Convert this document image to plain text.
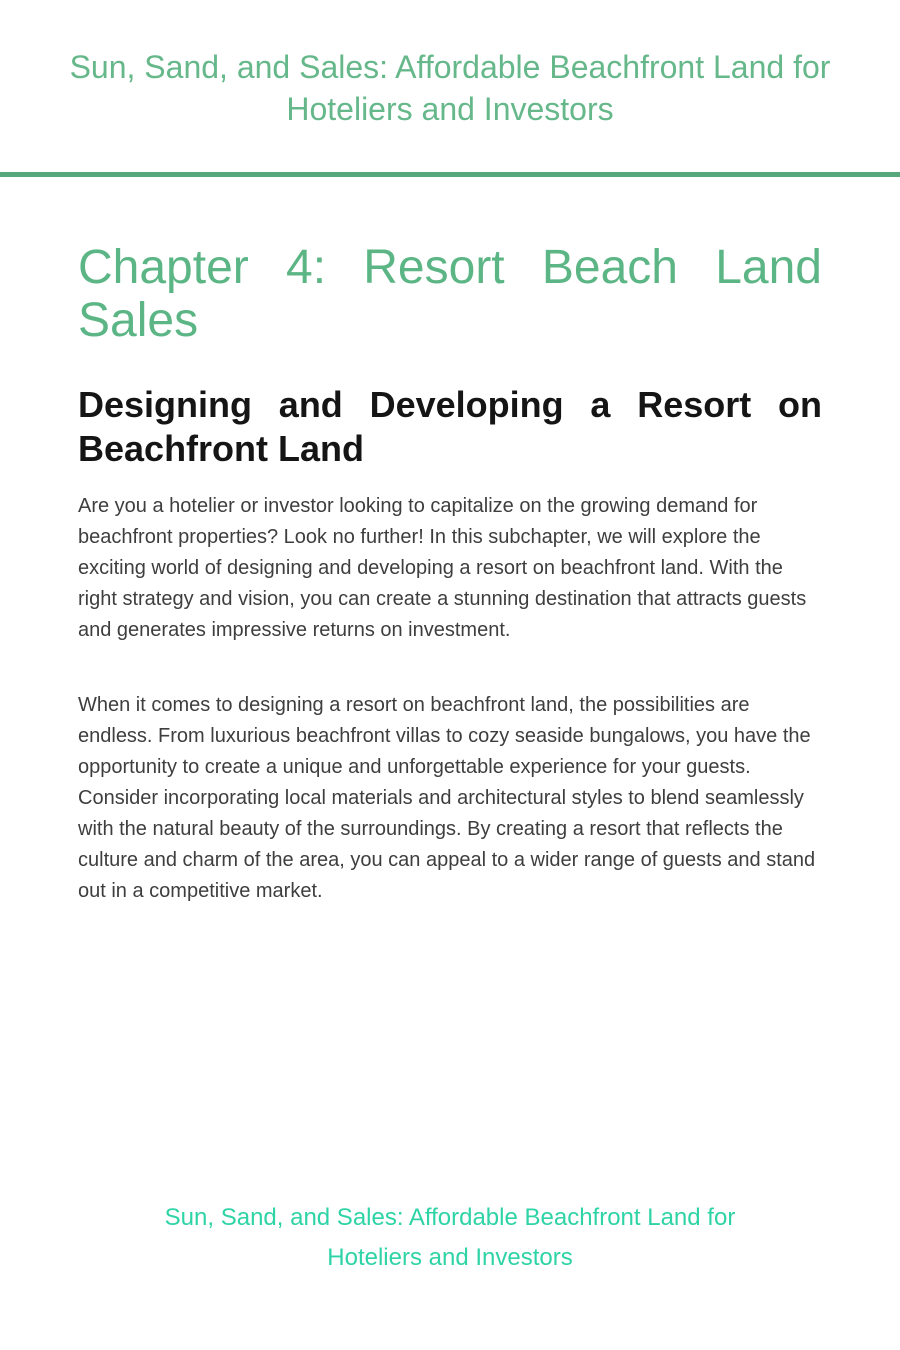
Sun, Sand, and Sales: Affordable Beachfront Land for
Hoteliers and Investors
Chapter 4: Resort Beach Land
Sales
Designing and Developing a Resort on
Beachfront Land

Are you a hotelier or investor looking to capitalize on the growing demand for beachfront properties? Look no further! In this subchapter, we will explore the exciting world of designing and developing a resort on beachfront land. With the right strategy and vision, you can create a stunning destination that attracts guests and generates impressive returns on investment.

When it comes to designing a resort on beachfront land, the possibilities are endless. From luxurious beachfront villas to cozy seaside bungalows, you have the opportunity to create a unique and unforgettable experience for your guests. Consider incorporating local materials and architectural styles to blend seamlessly with the natural beauty of the surroundings. By creating a resort that reflects the culture and charm of the area, you can appeal to a wider range of guests and stand out in a competitive market.

Sun, Sand, and Sales: Affordable Beachfront Land for
Hoteliers and Investors
